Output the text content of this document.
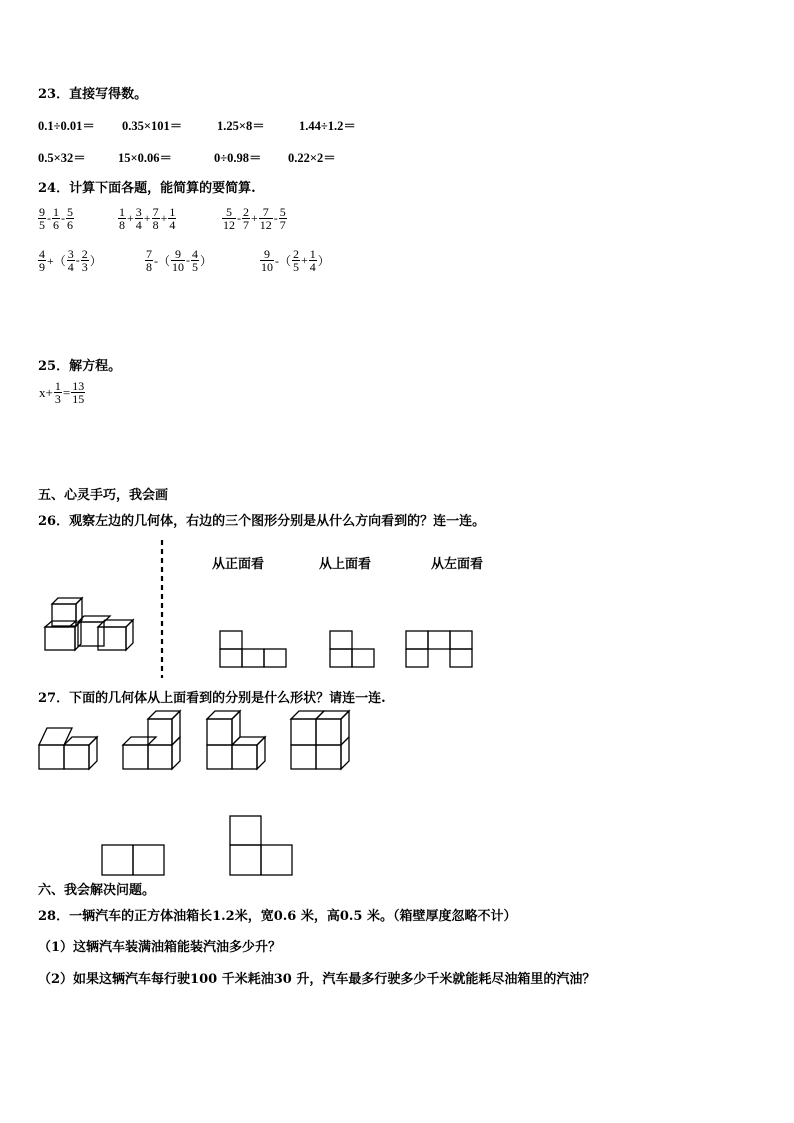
23．直接写得数。
0.1÷0.01＝ 0.35×101＝	1.25×8＝	1.44÷1.2＝
0.5×32＝	15×0.06＝	0÷0.98＝ 0.22×2＝
24．计算下面各题，能简算的要简算.
$\frac{9}{5} - \frac{1}{6} - \frac{5}{6}$	$\frac{1}{8} + \frac{3}{4} + \frac{7}{8} + \frac{1}{4}$	$\frac{5}{12} - \frac{2}{7} + \frac{7}{12} - \frac{5}{7}$
$\frac{4}{9}$ +（ $\frac{3}{4} - \frac{2}{3}$ ）	$\frac{7}{8}$ -（ $\frac{9}{10} - \frac{4}{5}$ ）	$\frac{9}{10}$ -（ $\frac{2}{5} + \frac{1}{4}$ ）
25．解方程。
$x+ \frac{1}{3} = \frac{13}{15}$
五、心灵手巧，我会画
26．观察左边的几何体，右边的三个图形分别是从什么方向看到的？连一连。
从正面看	从上面看	从左面看
27．下面的几何体从上面看到的分别是什么形状？请连一连.
六、我会解决问题。
28．一辆汽车的正方体油箱长1.2米，宽0.6 米，高0.5 米。（箱壁厚度忽略不计）
（1）这辆汽车装满油箱能装汽油多少升？
（2）如果这辆汽车每行驶100 千米耗油30 升，汽车最多行驶多少千米就能耗尽油箱里的汽油？
